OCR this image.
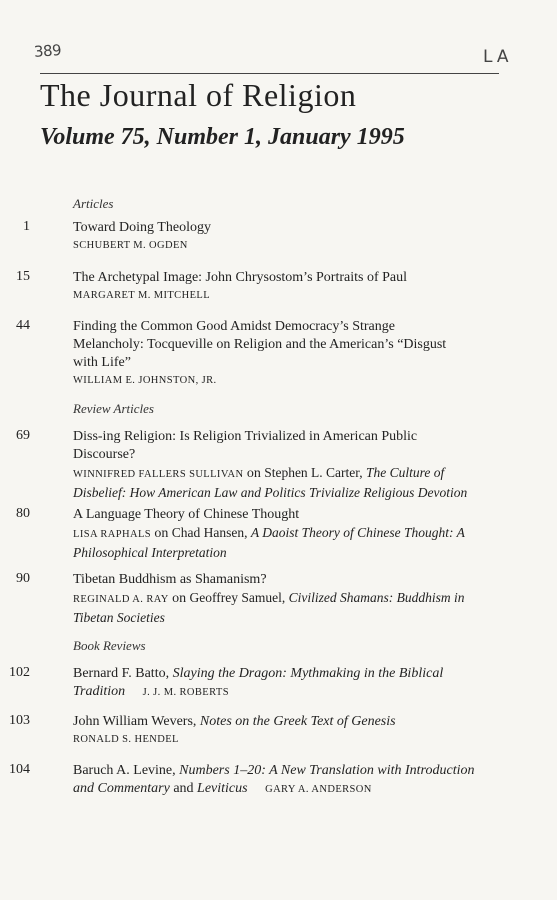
389	L A
The Journal of Religion
Volume 75, Number 1, January 1995
Articles
1	Toward Doing Theology
SCHUBERT M. OGDEN
15	The Archetypal Image: John Chrysostom’s Portraits of Paul
MARGARET M. MITCHELL
44	Finding the Common Good Amidst Democracy’s Strange
Melancholy: Tocqueville on Religion and the American’s “Disgust
with Life”
WILLIAM E. JOHNSTON, JR.
Review Articles
69	Diss-ing Religion: Is Religion Trivialized in American Public
Discourse?
WINNIFRED FALLERS SULLIVAN on Stephen L. Carter, The Culture of
Disbelief: How American Law and Politics Trivialize Religious Devotion
80	A Language Theory of Chinese Thought
LISA RAPHALS on Chad Hansen, A Daoist Theory of Chinese Thought: A
Philosophical Interpretation
90	Tibetan Buddhism as Shamanism?
REGINALD A. RAY on Geoffrey Samuel, Civilized Shamans: Buddhism in
Tibetan Societies
Book Reviews
102	Bernard F. Batto, Slaying the Dragon: Mythmaking in the Biblical
Tradition J. J. M. ROBERTS
103	John William Wevers, Notes on the Greek Text of Genesis
RONALD S. HENDEL
104	Baruch A. Levine, Numbers 1–20: A New Translation with Introduction
and Commentary and Leviticus GARY A. ANDERSON
